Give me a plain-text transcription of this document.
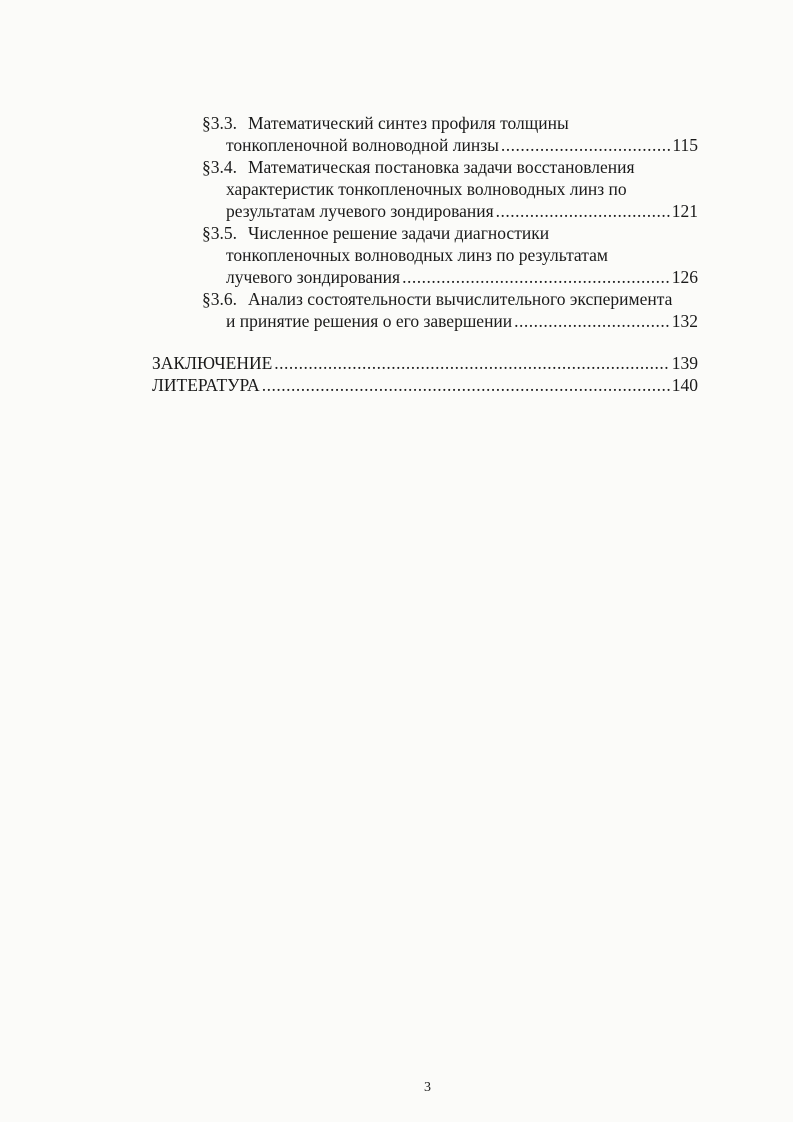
§3.3. Математический синтез профиля толщины
тонкопленочной волноводной линзы .....	115
§3.4. Математическая постановка задачи восстановления
характеристик тонкопленочных волноводных линз по
результатам лучевого зондирования .....	121
§3.5. Численное решение задачи диагностики
тонкопленочных волноводных линз по результатам
лучевого зондирования .....	126
§3.6. Анализ состоятельности вычислительного эксперимента
и принятие решения о его завершении .....	132
ЗАКЛЮЧЕНИЕ .....	139
ЛИТЕРАТУРА .....	140
3
